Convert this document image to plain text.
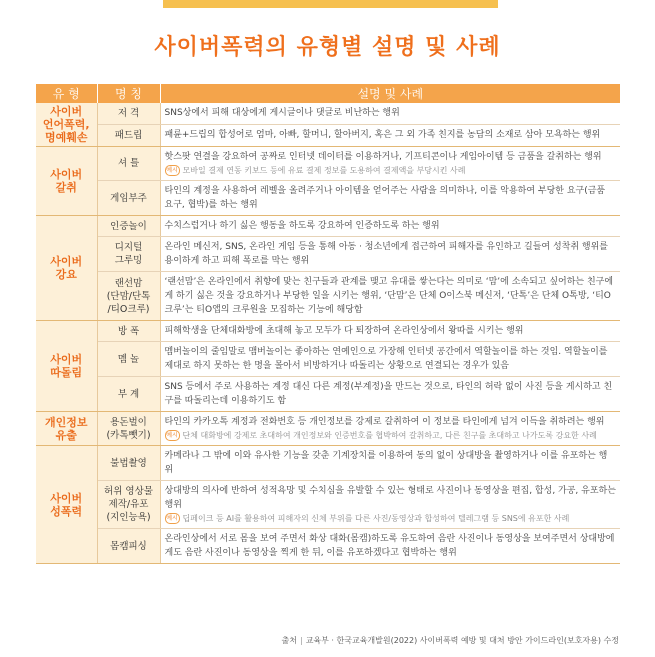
사이버폭력의 유형별 설명 및 사례
유 형	명 칭	설명 및 사례
사이버
언어폭력,
명예훼손	저 격	SNS상에서 피해 대상에게 게시글이나 댓글로 비난하는 행위
	패드립	패륜+드립의 합성어로 엄마, 아빠, 할머니, 할아버지, 혹은 그 외 가족 친지를 농담의 소재로 삼아 모욕하는 행위
사이버
갈취	셔 틀	핫스팟 연결을 강요하여 공짜로 인터넷 데이터를 이용하거나, 기프티콘이나 게임아이템 등 금품을 갈취하는 행위
예시 모바일 결제 연동 키보드 등에 유료 결제 정보를 도용하여 결제액을 부당시킨 사례

	게임부주	타인의 계정을 사용하여 레벨을 올려주거나 아이템을 얻어주는 사람을 의미하나, 이를 악용하여 부당한 요구(금품 요구, 협박)를 하는 행위
사이버
강요	인증놀이	수치스럽거나 하기 싫은 행동을 하도록 강요하여 인증하도록 하는 행위
	디지털
그루밍	온라인 메신저, SNS, 온라인 게임 등을 통해 아동 · 청소년에게 접근하여 피해자를 유인하고 길들여 성착취 행위를 용이하게 하고 피해 폭로를 막는 행위
	랜선맘
(단맘/단톡
/티O크루)	‘랜선맘’은 온라인에서 취향에 맞는 친구들과 관계를 맺고 유대를 쌓는다는 의미로 ‘맘’에 소속되고 싶어하는 친구에게 하기 싫은 것을 강요하거나 부당한 일을 시키는 행위, ‘단맘’은 단체 O이스북 메신저, ‘단톡’은 단체 O톡방, ‘티O크루’는 티O앱의 크루원을 모집하는 기능에 해당함
사이버
따돌림	방 폭	피해학생을 단체대화방에 초대해 놓고 모두가 다 퇴장하여 온라인상에서 왕따를 시키는 행위
	멤 놀	멤버놀이의 줄임말로 맴버놀이는 좋아하는 연예인으로 가장해 인터넷 공간에서 역할놀이를 하는 것임. 역할놀이를 제대로 하지 못하는 한 명을 몰아서 비방하거나 따돌리는 상황으로 연결되는 경우가 있음
	부 계	SNS 등에서 주로 사용하는 계정 대신 다른 계정(부계정)을 만드는 것으로, 타인의 허락 없이 사진 등을 게시하고 친구를 따돌리는데 이용하기도 함
개인정보
유출	용돈벌이
(카톡뺏기)	타인의 카카오톡 계정과 전화번호 등 개인정보를 강제로 갈취하여 이 정보를 타인에게 넘겨 이득을 취하려는 행위
예시 단체 대화방에 강제로 초대하여 개인정보와 인증번호를 협박하여 갈취하고, 다른 친구를 초대하고 나가도록 강요한 사례

사이버
성폭력	불법촬영	카메라나 그 밖에 이와 유사한 기능을 갖춘 기계장치를 이용하여 동의 없이 상대방을 촬영하거나 이를 유포하는 행위
	허위 영상물
제작/유포
(지인능욕)	상대방의 의사에 반하여 성적욕망 및 수치심을 유발할 수 있는 형태로 사진이나 동영상을 편집, 합성, 가공, 유포하는 행위
예시 딥페이크 등 AI를 활용하여 피해자의 신체 부위를 다른 사진/동영상과 합성하여 텔레그램 등 SNS에 유포한 사례

	몸캠피싱	온라인상에서 서로 몸을 보여 주면서 화상 대화(몸캠)하도록 유도하여 음란 사진이나 동영상을 보여주면서 상대방에게도 음란 사진이나 동영상을 찍게 한 뒤, 이를 유포하겠다고 협박하는 행위
출처 | 교육부 · 한국교육개발원(2022) 사이버폭력 예방 및 대처 방안 가이드라인(보호자용) 수정
